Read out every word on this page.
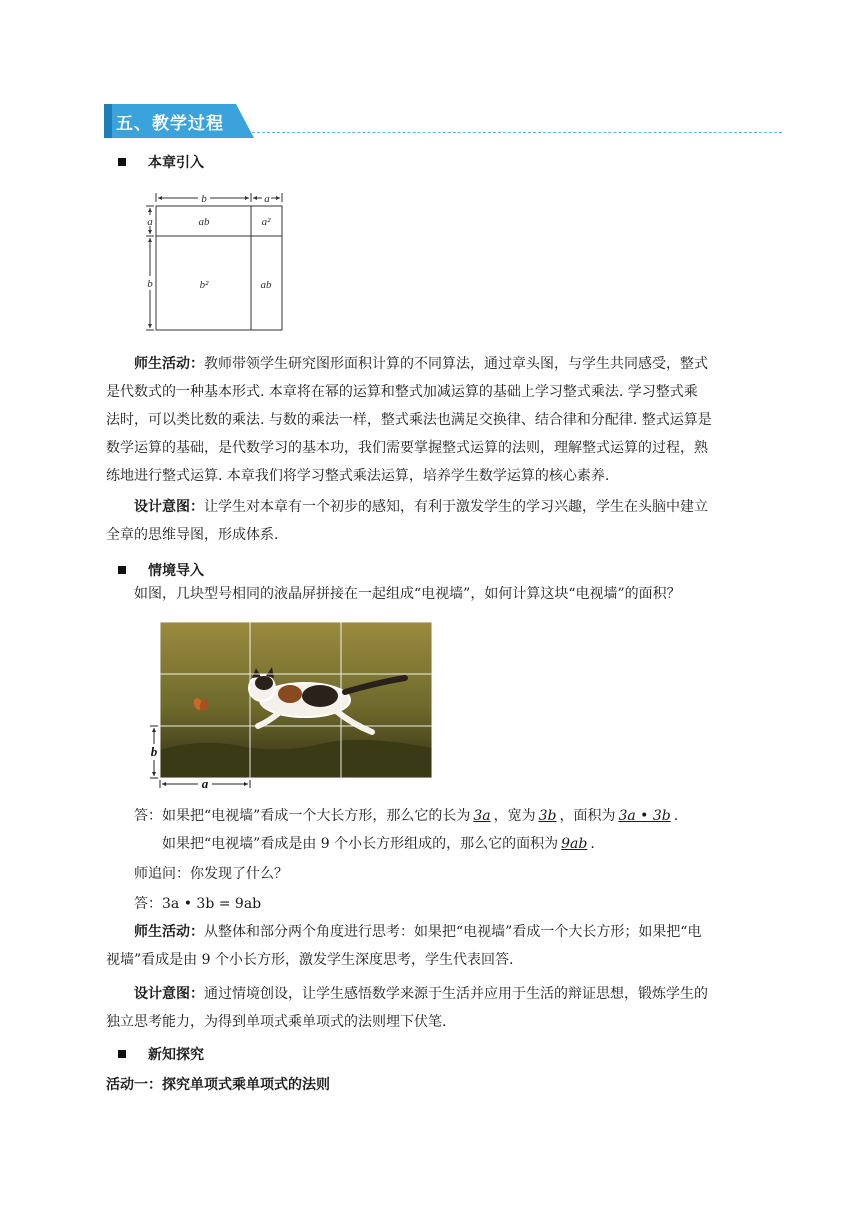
五、教学过程
本章引入
b	a
a
b
ab	a²
b²	ab
师生活动：教师带领学生研究图形面积计算的不同算法，通过章头图，与学生共同感受，整式
是代数式的一种基本形式. 本章将在幂的运算和整式加减运算的基础上学习整式乘法. 学习整式乘
法时，可以类比数的乘法. 与数的乘法一样，整式乘法也满足交换律、结合律和分配律. 整式运算是
数学运算的基础，是代数学习的基本功，我们需要掌握整式运算的法则，理解整式运算的过程，熟
练地进行整式运算. 本章我们将学习整式乘法运算，培养学生数学运算的核心素养.
设计意图：让学生对本章有一个初步的感知，有利于激发学生的学习兴趣，学生在头脑中建立
全章的思维导图，形成体系.
情境导入
如图，几块型号相同的液晶屏拼接在一起组成“电视墙”，如何计算这块“电视墙”的面积？
b
a
答：如果把“电视墙”看成一个大长方形，那么它的长为 3a ，宽为 3b ，面积为 3a • 3b .
如果把“电视墙”看成是由 9 个小长方形组成的，那么它的面积为 9ab .
师追问：你发现了什么？
答：3a • 3b = 9ab
师生活动：从整体和部分两个角度进行思考：如果把“电视墙”看成一个大长方形；如果把“电
视墙”看成是由 9 个小长方形，激发学生深度思考，学生代表回答.
设计意图：通过情境创设，让学生感悟数学来源于生活并应用于生活的辩证思想，锻炼学生的
独立思考能力，为得到单项式乘单项式的法则埋下伏笔.
新知探究
活动一：探究单项式乘单项式的法则
